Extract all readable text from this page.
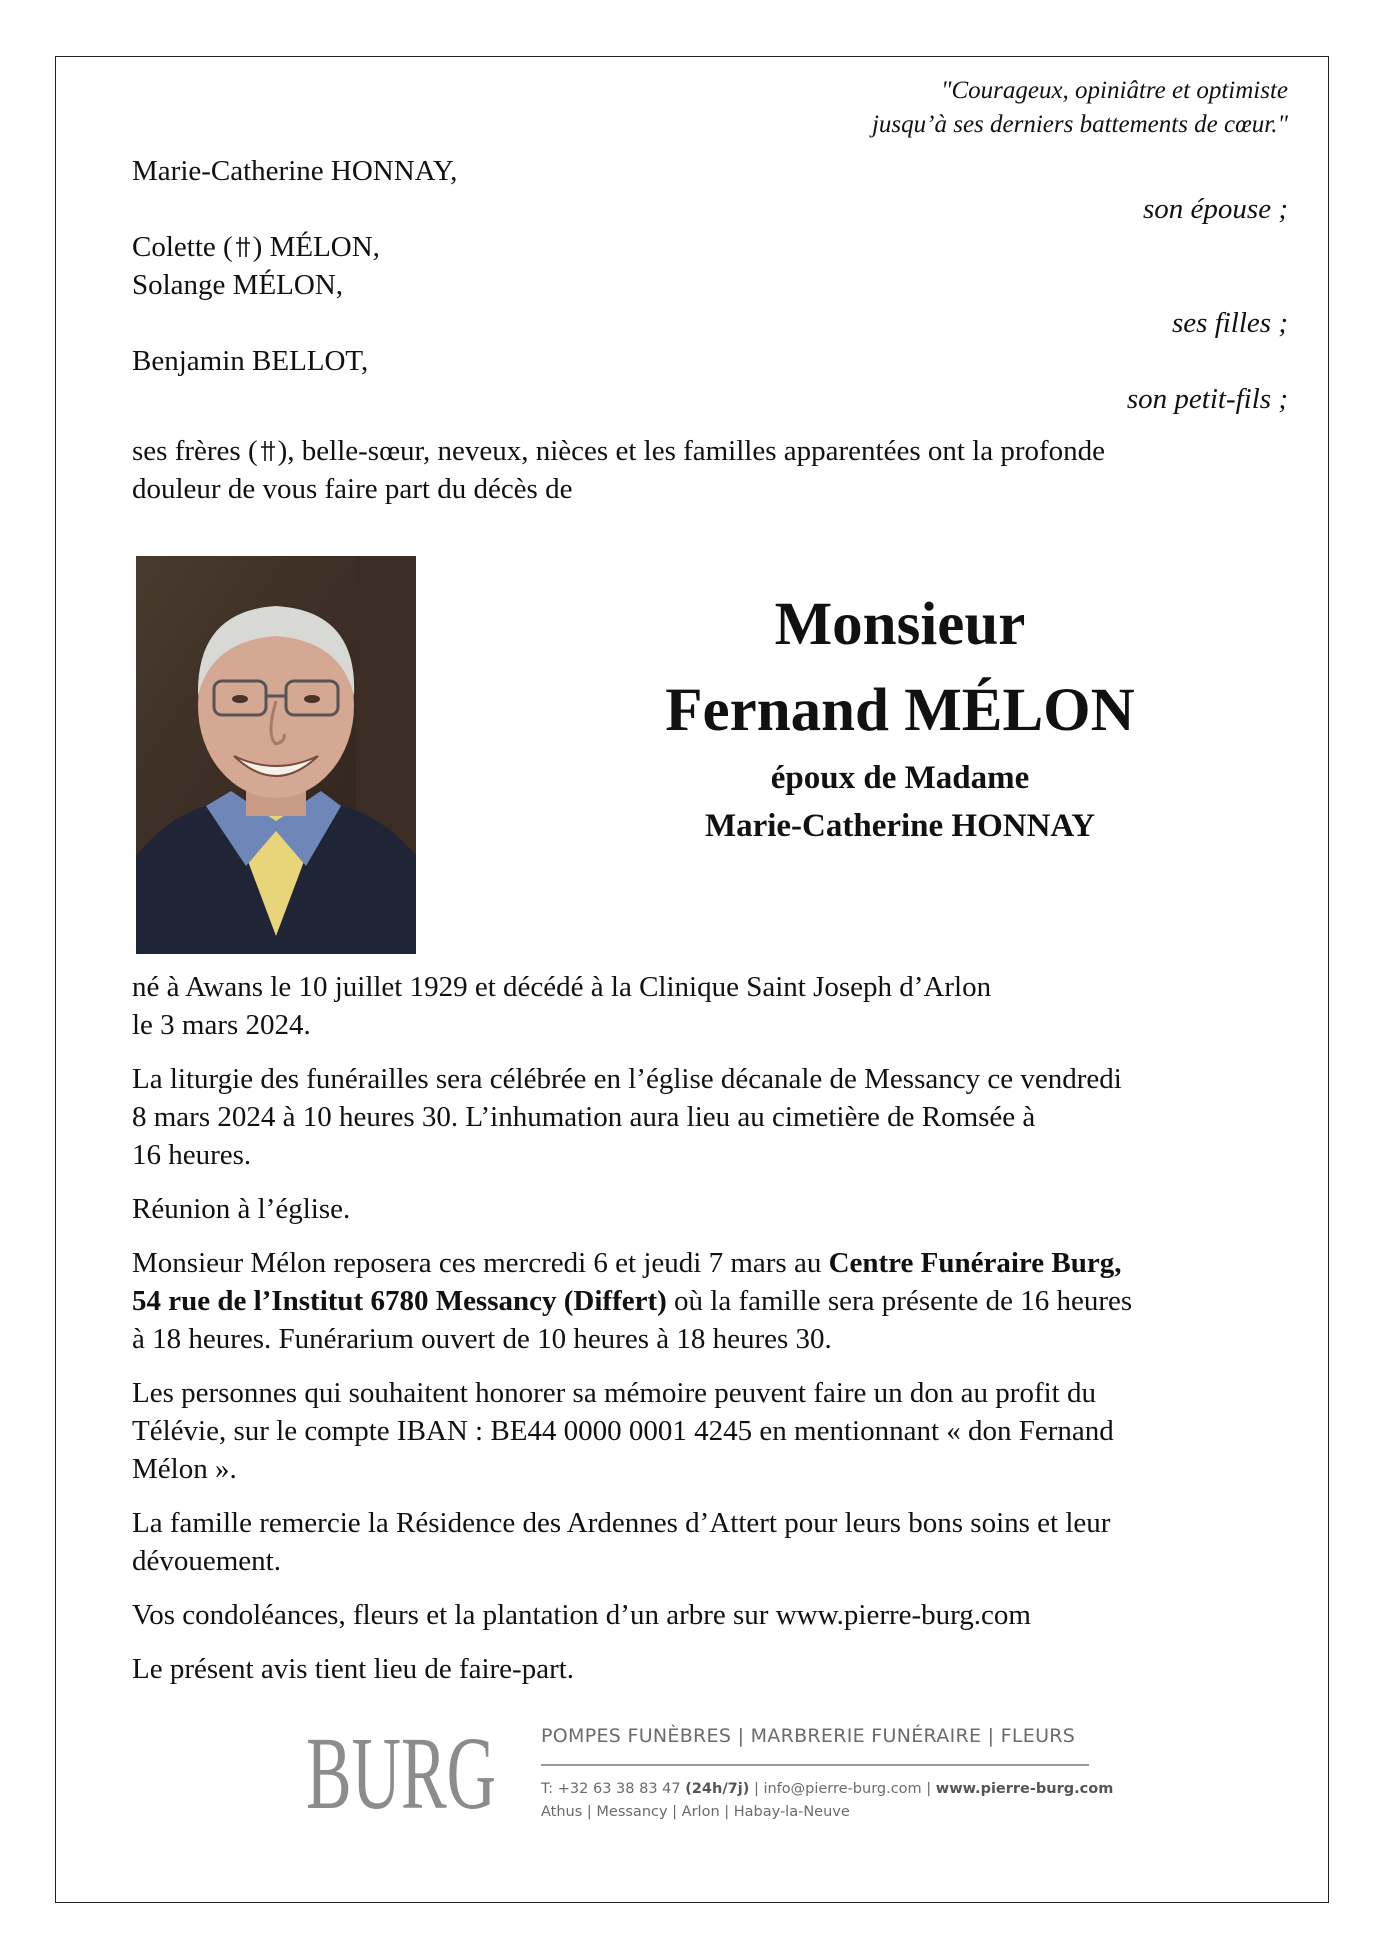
"Courageux, opiniâtre et optimiste
jusqu’à ses derniers battements de cœur."
Marie-Catherine HONNAY,
son épouse ;
Colette ( ) MÉLON,
Solange MÉLON,
ses filles ;
Benjamin BELLOT,
son petit-fils ;
ses frères ( ), belle-sœur, neveux, nièces et les familles apparentées ont la profonde
douleur de vous faire part du décès de
Monsieur
Fernand MÉLON
époux de Madame
Marie-Catherine HONNAY

né à Awans le 10 juillet 1929 et décédé à la Clinique Saint Joseph d’Arlon
le 3 mars 2024.

La liturgie des funérailles sera célébrée en l’église décanale de Messancy ce vendredi
8 mars 2024 à 10 heures 30. L’inhumation aura lieu au cimetière de Romsée à
16 heures.

Réunion à l’église.

Monsieur Mélon reposera ces mercredi 6 et jeudi 7 mars au Centre Funéraire Burg,
54 rue de l’Institut 6780 Messancy (Differt) où la famille sera présente de 16 heures
à 18 heures. Funérarium ouvert de 10 heures à 18 heures 30.

Les personnes qui souhaitent honorer sa mémoire peuvent faire un don au profit du
Télévie, sur le compte IBAN : BE44 0000 0001 4245 en mentionnant « don Fernand
Mélon ».

La famille remercie la Résidence des Ardennes d’Attert pour leurs bons soins et leur
dévouement.

Vos condoléances, fleurs et la plantation d’un arbre sur www.pierre-burg.com

Le présent avis tient lieu de faire-part.

BURG POMPES FUNÈBRES | MARBRERIE FUNÉRAIRE | FLEURS
T: +32 63 38 83 47 (24h/7j) | info@pierre-burg.com | www.pierre-burg.com
Athus | Messancy | Arlon | Habay-la-Neuve
